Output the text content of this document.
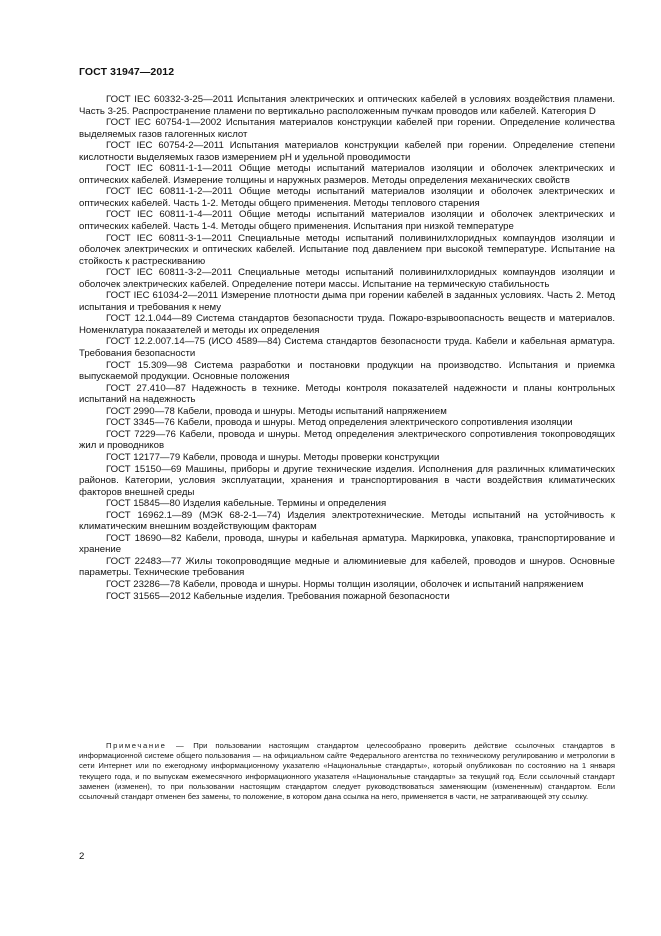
ГОСТ 31947—2012

ГОСТ IEC 60332-3-25—2011 Испытания электрических и оптических кабелей в условиях воздействия пламени. Часть 3-25. Распространение пламени по вертикально расположенным пучкам проводов или кабелей. Категория D

ГОСТ IEC 60754-1—2002 Испытания материалов конструкции кабелей при горении. Определение количества выделяемых газов галогенных кислот

ГОСТ IEC 60754-2—2011 Испытания материалов конструкции кабелей при горении. Определение степени кислотности выделяемых газов измерением pH и удельной проводимости

ГОСТ IEC 60811-1-1—2011 Общие методы испытаний материалов изоляции и оболочек электрических и оптических кабелей. Измерение толщины и наружных размеров. Методы определения механических свойств

ГОСТ IEC 60811-1-2—2011 Общие методы испытаний материалов изоляции и оболочек электрических и оптических кабелей. Часть 1-2. Методы общего применения. Методы теплового старения

ГОСТ IEC 60811-1-4—2011 Общие методы испытаний материалов изоляции и оболочек электрических и оптических кабелей. Часть 1-4. Методы общего применения. Испытания при низкой температуре

ГОСТ IEC 60811-3-1—2011 Специальные методы испытаний поливинилхлоридных компаундов изоляции и оболочек электрических и оптических кабелей. Испытание под давлением при высокой температуре. Испытание на стойкость к растрескиванию

ГОСТ IEC 60811-3-2—2011 Специальные методы испытаний поливинилхлоридных компаундов изоляции и оболочек электрических кабелей. Определение потери массы. Испытание на термическую стабильность

ГОСТ IEC 61034-2—2011 Измерение плотности дыма при горении кабелей в заданных условиях. Часть 2. Метод испытания и требования к нему

ГОСТ 12.1.044—89 Система стандартов безопасности труда. Пожаро-взрывоопасность веществ и материалов. Номенклатура показателей и методы их определения

ГОСТ 12.2.007.14—75 (ИСО 4589—84) Система стандартов безопасности труда. Кабели и кабельная арматура. Требования безопасности

ГОСТ 15.309—98 Система разработки и постановки продукции на производство. Испытания и приемка выпускаемой продукции. Основные положения

ГОСТ 27.410—87 Надежность в технике. Методы контроля показателей надежности и планы контрольных испытаний на надежность

ГОСТ 2990—78 Кабели, провода и шнуры. Методы испытаний напряжением

ГОСТ 3345—76 Кабели, провода и шнуры. Метод определения электрического сопротивления изоляции

ГОСТ 7229—76 Кабели, провода и шнуры. Метод определения электрического сопротивления токопроводящих жил и проводников

ГОСТ 12177—79 Кабели, провода и шнуры. Методы проверки конструкции

ГОСТ 15150—69 Машины, приборы и другие технические изделия. Исполнения для различных климатических районов. Категории, условия эксплуатации, хранения и транспортирования в части воздействия климатических факторов внешней среды

ГОСТ 15845—80 Изделия кабельные. Термины и определения

ГОСТ 16962.1—89 (МЭК 68-2-1—74) Изделия электротехнические. Методы испытаний на устойчивость к климатическим внешним воздействующим факторам

ГОСТ 18690—82 Кабели, провода, шнуры и кабельная арматура. Маркировка, упаковка, транспортирование и хранение

ГОСТ 22483—77 Жилы токопроводящие медные и алюминиевые для кабелей, проводов и шнуров. Основные параметры. Технические требования

ГОСТ 23286—78 Кабели, провода и шнуры. Нормы толщин изоляции, оболочек и испытаний напряжением

ГОСТ 31565—2012 Кабельные изделия. Требования пожарной безопасности

Примечание — При пользовании настоящим стандартом целесообразно проверить действие ссылочных стандартов в информационной системе общего пользования — на официальном сайте Федерального агентства по техническому регулированию и метрологии в сети Интернет или по ежегодному информационному указателю «Национальные стандарты», который опубликован по состоянию на 1 января текущего года, и по выпускам ежемесячного информационного указателя «Национальные стандарты» за текущий год. Если ссылочный стандарт заменен (изменен), то при пользовании настоящим стандартом следует руководствоваться заменяющим (измененным) стандартом. Если ссылочный стандарт отменен без замены, то положение, в котором дана ссылка на него, применяется в части, не затрагивающей эту ссылку.

2
